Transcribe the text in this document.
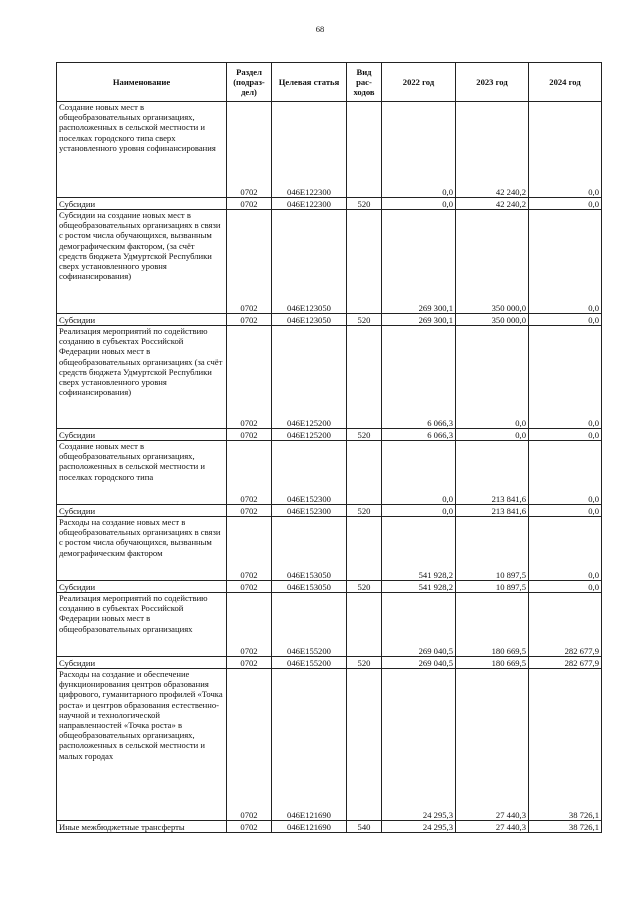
68
Наименование	Раздел (подраз-дел)	Целевая статья	Вид рас-ходов	2022 год	2023 год	2024 год
Создание новых мест в общеобразовательных организациях, расположенных в сельской местности и поселках городского типа сверх установленного уровня софинансирования	0702	046E122300		0,0	42 240,2	0,0
Субсидии	0702	046E122300	520	0,0	42 240,2	0,0
Субсидии на создание новых мест в общеобразовательных организациях в связи с ростом числа обучающихся, вызванным демографическим фактором, (за счёт средств бюджета Удмуртской Республики сверх установленного уровня софинансирования)	0702	046E123050		269 300,1	350 000,0	0,0
Субсидии	0702	046E123050	520	269 300,1	350 000,0	0,0
Реализация мероприятий по содействию созданию в субъектах Российской Федерации новых мест в общеобразовательных организациях (за счёт средств бюджета Удмуртской Республики сверх установленного уровня софинансирования)	0702	046E125200		6 066,3	0,0	0,0
Субсидии	0702	046E125200	520	6 066,3	0,0	0,0
Создание новых мест в общеобразовательных организациях, расположенных в сельской местности и поселках городского типа	0702	046E152300		0,0	213 841,6	0,0
Субсидии	0702	046E152300	520	0,0	213 841,6	0,0
Расходы на создание новых мест в общеобразовательных организациях в связи с ростом числа обучающихся, вызванным демографическим фактором	0702	046E153050		541 928,2	10 897,5	0,0
Субсидии	0702	046E153050	520	541 928,2	10 897,5	0,0
Реализация мероприятий по содействию созданию в субъектах Российской Федерации новых мест в общеобразовательных организациях	0702	046E155200		269 040,5	180 669,5	282 677,9
Субсидии	0702	046E155200	520	269 040,5	180 669,5	282 677,9
Расходы на создание и обеспечение функционирования центров образования цифрового, гуманитарного профилей «Точка роста» и центров образования естественно-научной и технологической направленностей «Точка роста» в общеобразовательных организациях, расположенных в сельской местности и малых городах	0702	046E121690		24 295,3	27 440,3	38 726,1
Иные межбюджетные трансферты	0702	046E121690	540	24 295,3	27 440,3	38 726,1
